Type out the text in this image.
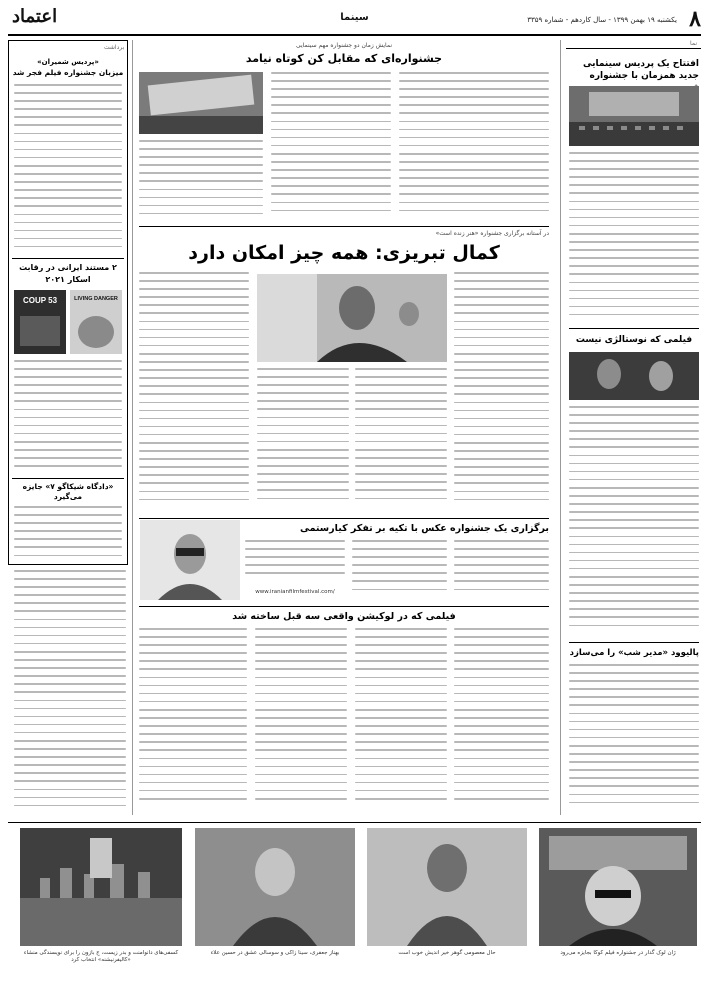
۸
یکشنبه ۱۹ بهمن ۱۳۹۹ - سال کاردهم - شماره ۳۳۵۹
سینما
اعتماد
نما
افتتاح یک پردیس سینمایی جدید همزمان با جشنواره
فیلمی که نوستالژی نیست
پالیوود «مدیر شب» را می‌سازد
برداشت
«پردیس شمیران»
میزبان جشنواره فیلم فجر شد
۲ مستند ایرانی در رقابت اسکار ۲۰۲۱
COUP 53	LIVING DANGER
«دادگاه شیکاگو ۷» جایزه می‌گیرد
نمایش زمان دو جشنواره مهم سینمایی
جشنواره‌ای که مقابل کن کوتاه نیامد
در آستانه برگزاری جشنواره «هنر زنده است»
کمال تبریزی: همه چیز امکان دارد
برگزاری یک جشنواره عکس با تکیه بر تفکر کیارستمی
www.iranianfilmfestival.com/
فیلمی که در لوکیشن واقعی سه قبل ساخته شد
ژان لوک گدار در جشنواره فیلم کوکا بجایزه می‌رود
حال معصومی گوهر خیر اندیش خوب است
بهناز جعفری، سینا زاکی و سوسالی عشق در حسین علاء
کسفی‌های دانوامنت و بدر زیست، ج بازون را برای نویسندگی منشاء «کالیفرنیشنه» انتخاب کرد
